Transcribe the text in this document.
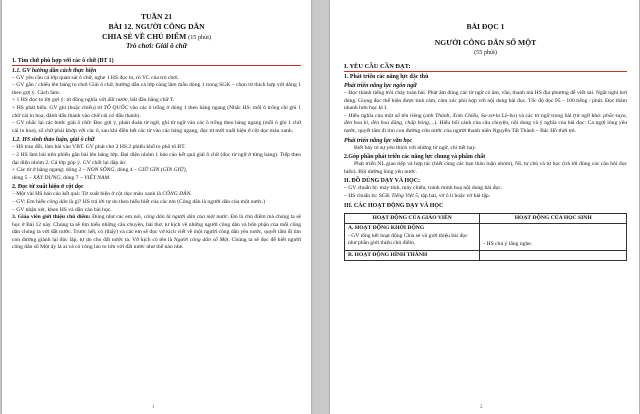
TUẦN 21
BÀI 12. NGƯỜI CÔNG DÂN
CHIA SẺ VỀ CHỦ ĐIỂM (15 phút)
Trò chơi: Giải ô chữ
1. Tìm chữ phù hợp với các ô chữ (BT 1)
1.1. GV hướng dẫn cách thực hiện

– GV yêu cầu cả lớp quan sát ô chữ, nghe 1 HS đọc to, rõ YC của trò chơi.

– GV gắn / chiếu lên bảng to chơi Giải ô chữ, hướng dẫn cả lớp cùng làm mẫu dòng 1 trong SGK – chọn từ thích hợp với dòng 1 theo gợi ý. Cách làm:

+ 1 HS đọc to lời gợi ý: từ đồng nghĩa với đất nước, bắt đầu bằng chữ T.

+ HS phát biểu. GV ghi (hoặc chiếu) từ TỔ QUỐC vào các ô trống ở dòng 1 theo hàng ngang (Nhắc HS: mỗi ô trống chỉ ghi 1 chữ cái in hoa, đánh dấu thanh vào chữ cái có dấu thanh).

– GV nhắc lại các bước giải ô chữ: Đọc gợi ý, phán đoán từ ngữ, ghi từ ngữ vào các ô trống theo hàng ngang (mỗi ô ghi 1 chữ cái in hoa), số chữ phải khớp với các ô, sau khi điền hết các từ vào các hàng ngang, đọc từ mới xuất hiện ở cột dọc màu xanh.

1.2. HS sinh thảo luận, giải ô chữ

– HS trao đổi, làm bài vào VBT. GV phát cho 2 HS 2 phiếu khổ to phô tô BT.

– 2 HS làm bài trên phiếu gắn bài lên bảng lớp. Đại diện nhóm 1 báo cáo kết quả giải ô chữ (đọc từ ngữ ở từng hàng). Tiếp theo đại diện nhóm 2. Cả lớp góp ý. GV chốt lại đáp án:

+ Các từ ở hàng ngang: dòng 2 – NON SÔNG, dòng 4 – GIỮ GÌN (GÌN GIỮ),

dòng 5 – XÂY DỰNG, dòng 7 – VIỆT NAM.

2. Đọc từ xuất hiện ở cột dọc

– Một vài HS báo cáo kết quả: Từ xuất hiện ở cột dọc màu xanh là CÔNG DÂN.

– GV: Em hiểu công dân là gì? HS trả lời tự do theo hiểu biết của các em (Công dân là người dân của một nước.)

– GV nhận xét, khen HS và dẫn vào bài học.

3. Giáo viên giới thiệu chủ điểm: Đúng như các em nói, công dân là người dân của một nước. Đó là chủ điểm mà chúng ta sẽ học ở Bài 12 này. Chúng ta sẽ tìm hiểu những câu chuyện, bài thơ, tư kịch về những người công dân và bổn phận của mỗi công dân chúng ta với đất nước. Trước hết, có (thấy) và các em sẽ đọc vở kịch viết về một người công dân yêu nước, quyết tâm đi tìm con đường giành lại độc lập, tự do cho đất nước ta. Vở kịch có tên là Người công dân số Một. Chúng ta sẽ đọc để biết người công dân số Một ấy là ai và có công lao to lớn với đất nước như thế nào nhé.

1
BÀI ĐỌC 1
NGƯỜI CÔNG DÂN SỐ MỘT
(55 phút)
I. YÊU CẦU CẦN ĐẠT:
1. Phát triển các năng lực đặc thù
Phát triển năng lực ngôn ngữ

– Đọc thành tiếng trôi chảy toàn bài. Phát âm đúng các từ ngữ có âm, vần, thanh mà HS địa phương dễ viết sai. Ngắt nghỉ hơi đúng. Giọng đọc thể hiện được tính cảm, cảm xúc phù hợp với nội dung bài đọc. Tốc độ đọc 95 – 100 tiếng / phút. Đọc thầm nhanh hơn học kì I.

– Hiểu nghĩa của một số tên riêng (anh Thành, Xóm Chiếu, Sa-xơ-lu Lô-ba) và các từ ngữ trong bài (từ ngữ khó: phắc-tuya, đèn hoa kì, đèn hoa đăng, chấp bông,...). Hiểu bối cảnh của câu chuyện, nội dung và ý nghĩa của bài đọc: Ca ngợi lòng yêu nước, quyết tâm đi tìm con đường cứu nước của người thanh niên Nguyễn Tất Thành – Bác Hồ thời trẻ.

Phát triển năng lực văn học

Biết bày tỏ sự yêu thích với những từ ngữ, chi tiết hay.

2.Góp phần phát triển các năng lực chung và phẩm chất

Phát triển NL giao tiếp và hợp tác (biết cùng các bạn thảo luận nhóm), NL tự chủ và tự học (trả lời đúng các câu hỏi đọc hiểu). Bồi dưỡng lòng yêu nước.

II. ĐỒ DÙNG DẠY VÀ HỌC:

– GV chuẩn bị: máy tính, máy chiếu, tranh minh hoạ nội dung bài đọc.

– HS chuẩn bị: SGK Tiếng Việt 5, tập hai, vở ô li hoặc vở bài tập.

III. CÁC HOẠT ĐỘNG DẠY VÀ HỌC
HOẠT ĐỘNG CỦA GIÁO VIÊN	HOẠT ĐỘNG CỦA HỌC SINH

A. HOẠT ĐỘNG KHỞI ĐỘNG
- GV tổng kết hoạt động Chia sẻ và giới thiệu bài đọc như phần giới thiệu chủ điểm.	- HS chú ý lắng nghe.

B. HOẠT ĐỘNG HÌNH THÀNH	
2
